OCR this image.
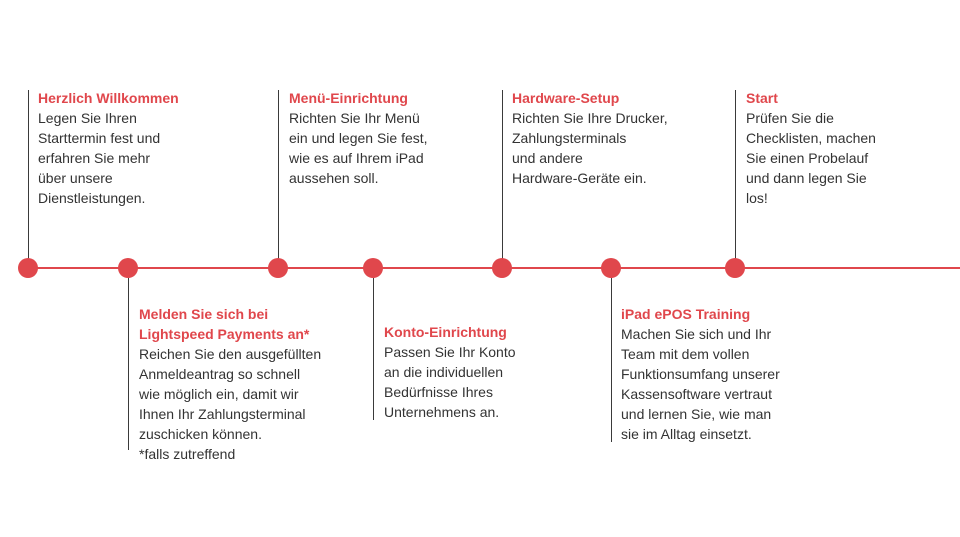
Herzlich Willkommen

Legen Sie Ihren
Starttermin fest und
erfahren Sie mehr
über unsere
Dienstleistungen.

Melden Sie sich bei
Lightspeed Payments an*

Reichen Sie den ausgefüllten
Anmeldeantrag so schnell
wie möglich ein, damit wir
Ihnen Ihr Zahlungsterminal
zuschicken können.

*falls zutreffend

Menü-Einrichtung

Richten Sie Ihr Menü
ein und legen Sie fest,
wie es auf Ihrem iPad
aussehen soll.

Konto-Einrichtung

Passen Sie Ihr Konto
an die individuellen
Bedürfnisse Ihres
Unternehmens an.

Hardware-Setup

Richten Sie Ihre Drucker,
Zahlungsterminals
und andere
Hardware-Geräte ein.

iPad ePOS Training

Machen Sie sich und Ihr
Team mit dem vollen
Funktionsumfang unserer
Kassensoftware vertraut
und lernen Sie, wie man
sie im Alltag einsetzt.

Start

Prüfen Sie die
Checklisten, machen
Sie einen Probelauf
und dann legen Sie
los!
